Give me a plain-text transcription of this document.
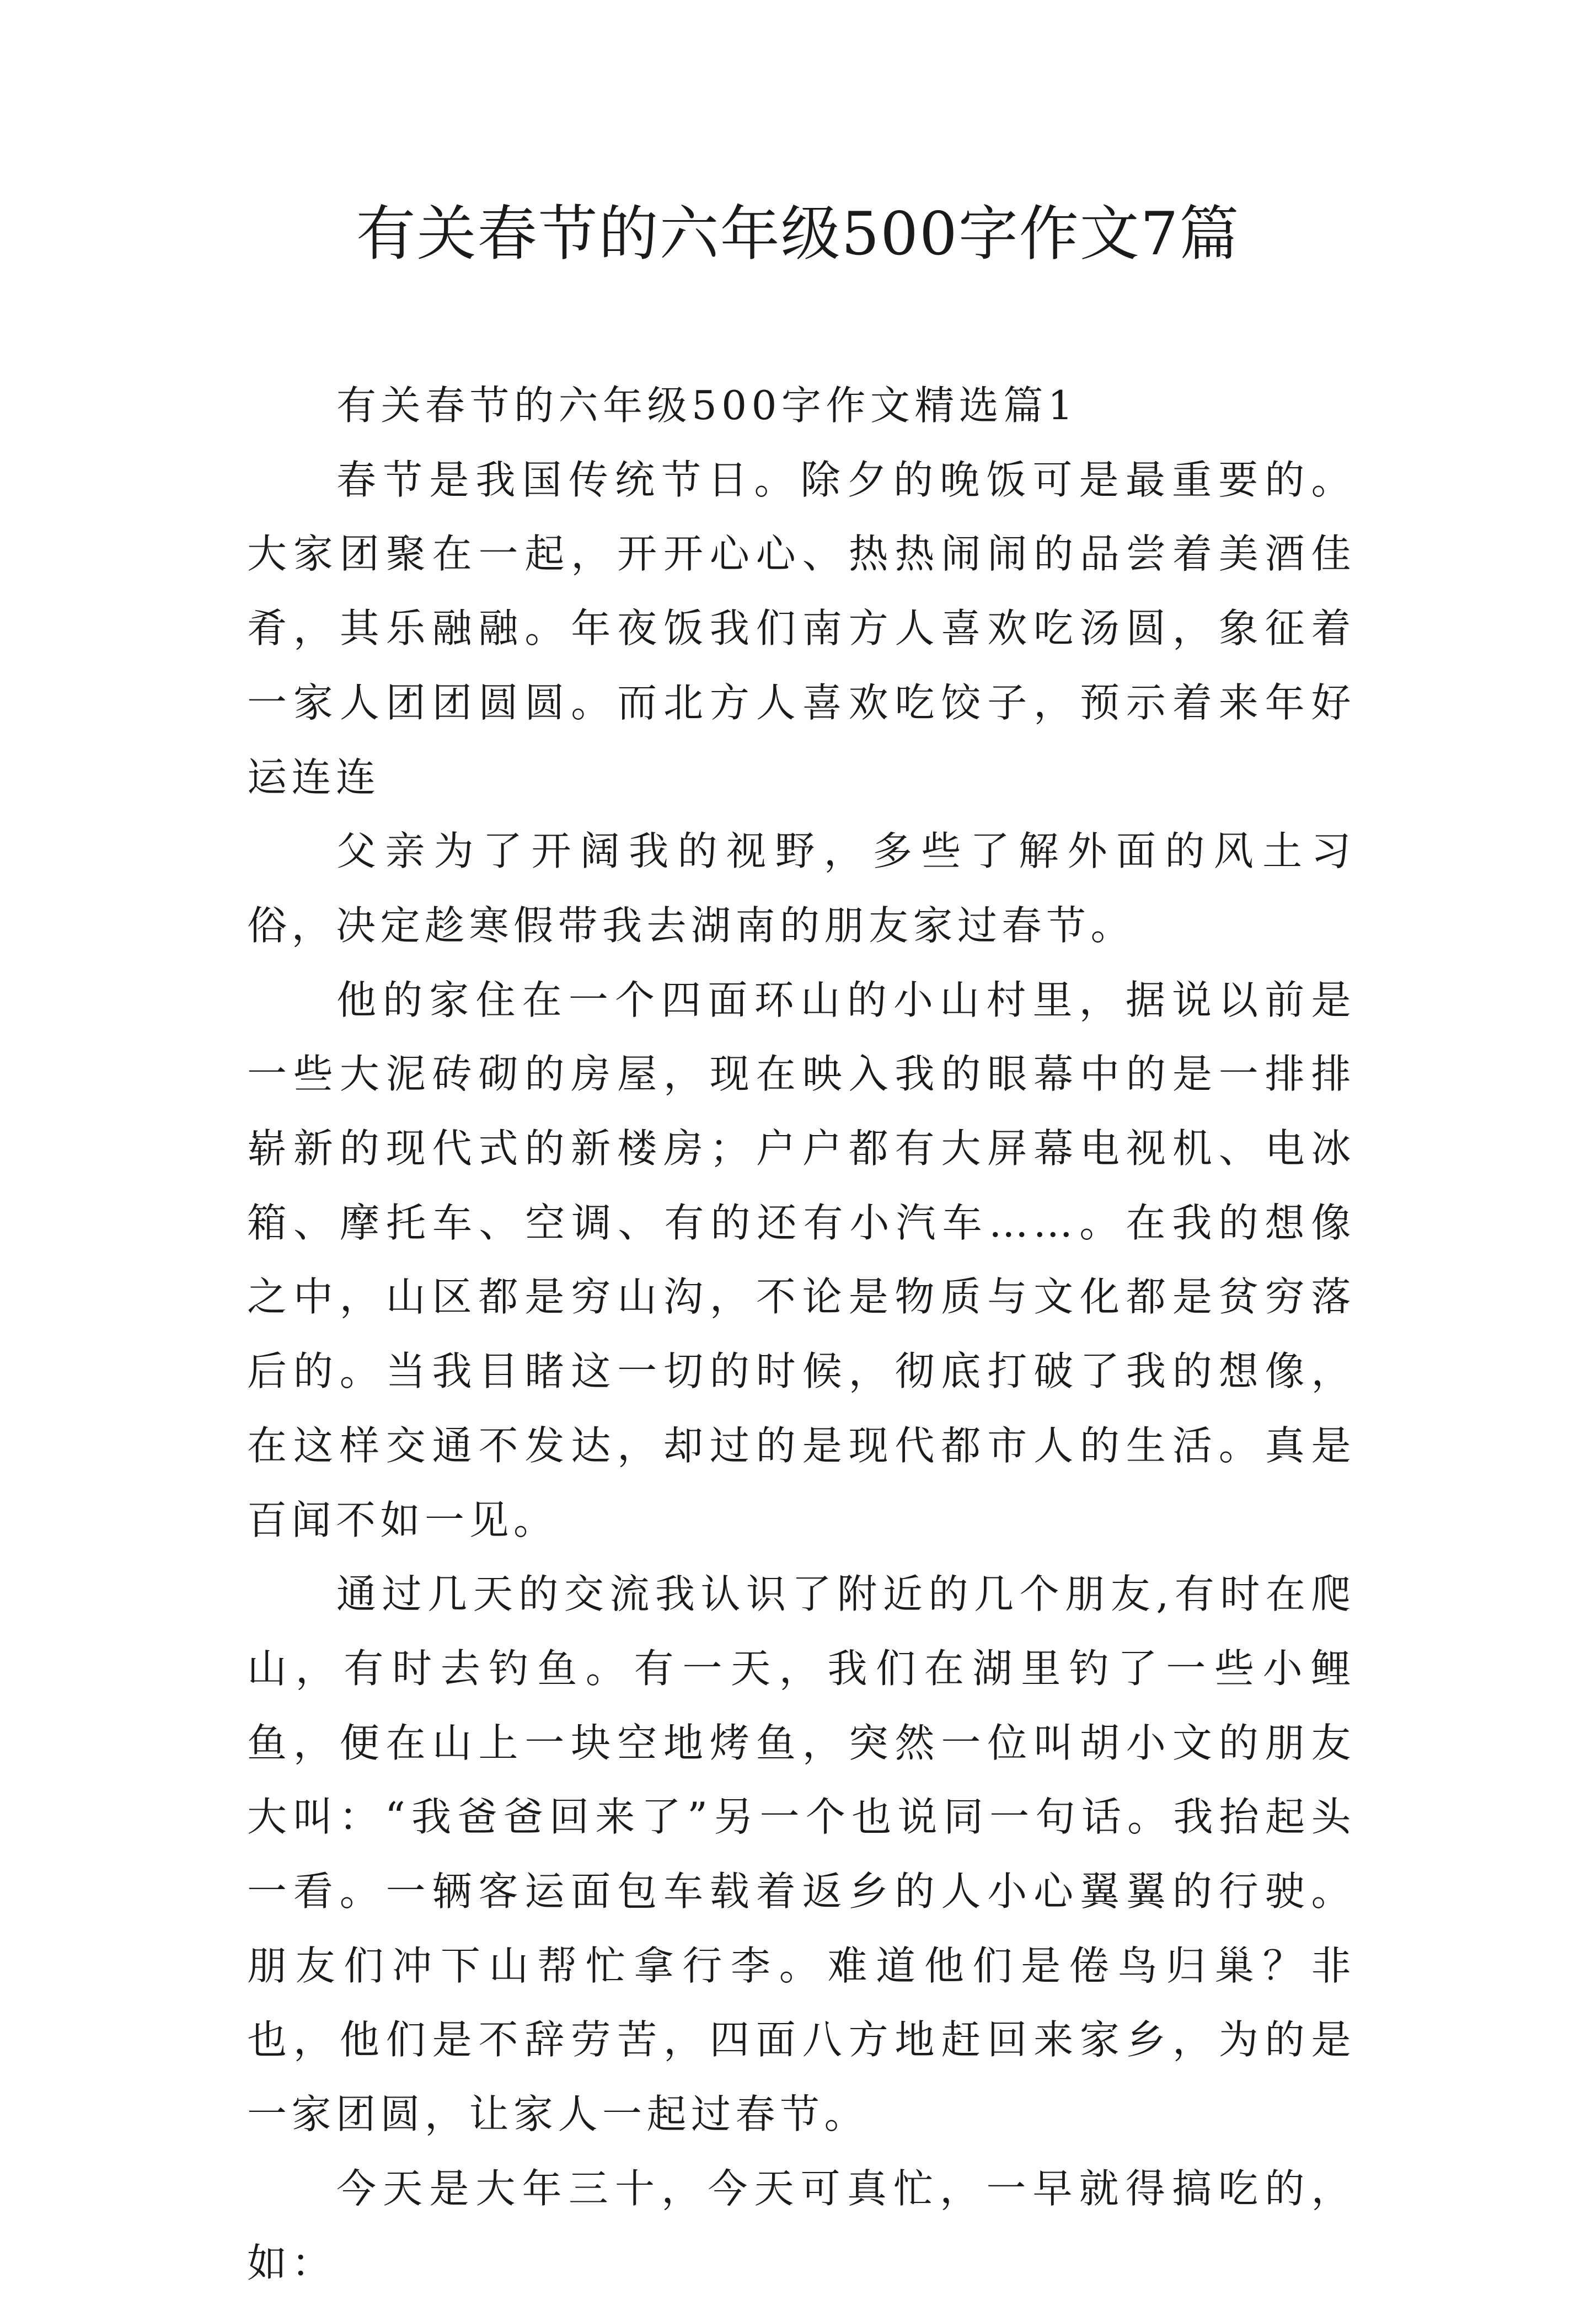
有关春节的六年级500字作文7篇

有关春节的六年级500字作文精选篇1

春节是我国传统节日。除夕的晚饭可是最重要的。大家团聚在一起，开开心心、热热闹闹的品尝着美酒佳肴，其乐融融。年夜饭我们南方人喜欢吃汤圆，象征着一家人团团圆圆。而北方人喜欢吃饺子，预示着来年好运连连

父亲为了开阔我的视野，多些了解外面的风土习俗，决定趁寒假带我去湖南的朋友家过春节。

他的家住在一个四面环山的小山村里，据说以前是一些大泥砖砌的房屋，现在映入我的眼幕中的是一排排崭新的现代式的新楼房；户户都有大屏幕电视机、电冰箱、摩托车、空调、有的还有小汽车……。在我的想像之中，山区都是穷山沟，不论是物质与文化都是贫穷落后的。当我目睹这一切的时候，彻底打破了我的想像，在这样交通不发达，却过的是现代都市人的生活。真是百闻不如一见。

通过几天的交流我认识了附近的几个朋友,有时在爬山，有时去钓鱼。有一天，我们在湖里钓了一些小鲤鱼，便在山上一块空地烤鱼，突然一位叫胡小文的朋友大叫：“我爸爸回来了”另一个也说同一句话。我抬起头一看。一辆客运面包车载着返乡的人小心翼翼的行驶。朋友们冲下山帮忙拿行李。难道他们是倦鸟归巢？非也，他们是不辞劳苦，四面八方地赶回来家乡，为的是一家团圆，让家人一起过春节。

今天是大年三十，今天可真忙，一早就得搞吃的，如：
